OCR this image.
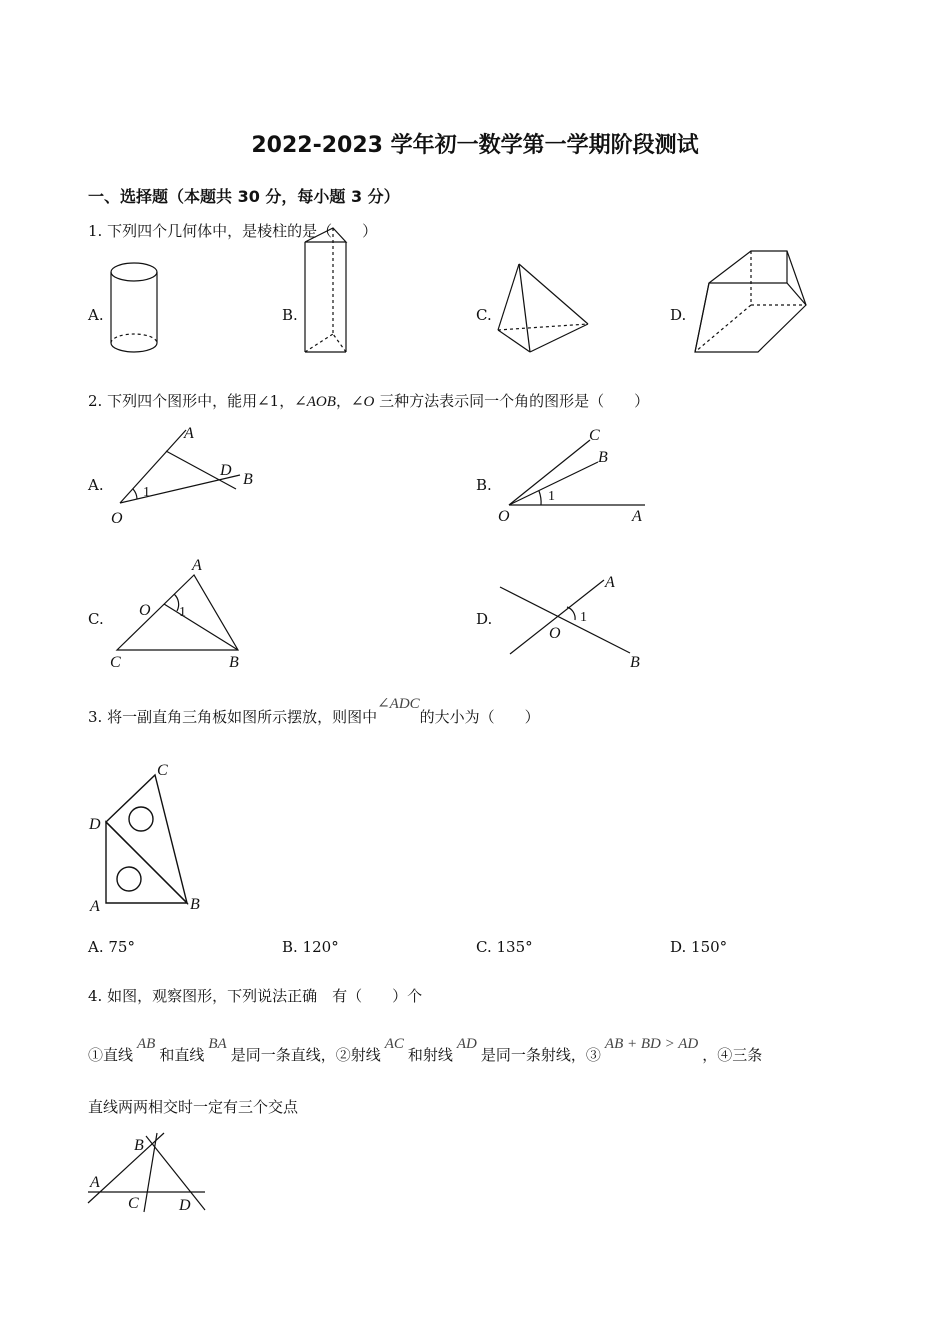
2022-2023 学年初一数学第一学期阶段测试
一、选择题（本题共 30 分，每小题 3 分）
1. 下列四个几何体中，是棱柱的是（　　）
A.	B.	C.	D.
2. 下列四个图形中，能用∠1，∠AOB，∠O 三种方法表示同一个角的图形是（　　）
A.	B.
C.	D.
A
B
D
O
1
C
B
A
O
1
A
O 1
C	B
A
B
O
1
3. 将一副直角三角板如图所示摆放，则图中∠ADC的大小为（　　）
C
D
A	B
A. 75°	B. 120°	C. 135°	D. 150°
4. 如图，观察图形，下列说法正确　有（　　）个
①直线AB和直线BA是同一条直线，②射线AC和射线AD是同一条射线，③AB + BD > AD，④三条
直线两两相交时一定有三个交点
B
A
C	D
